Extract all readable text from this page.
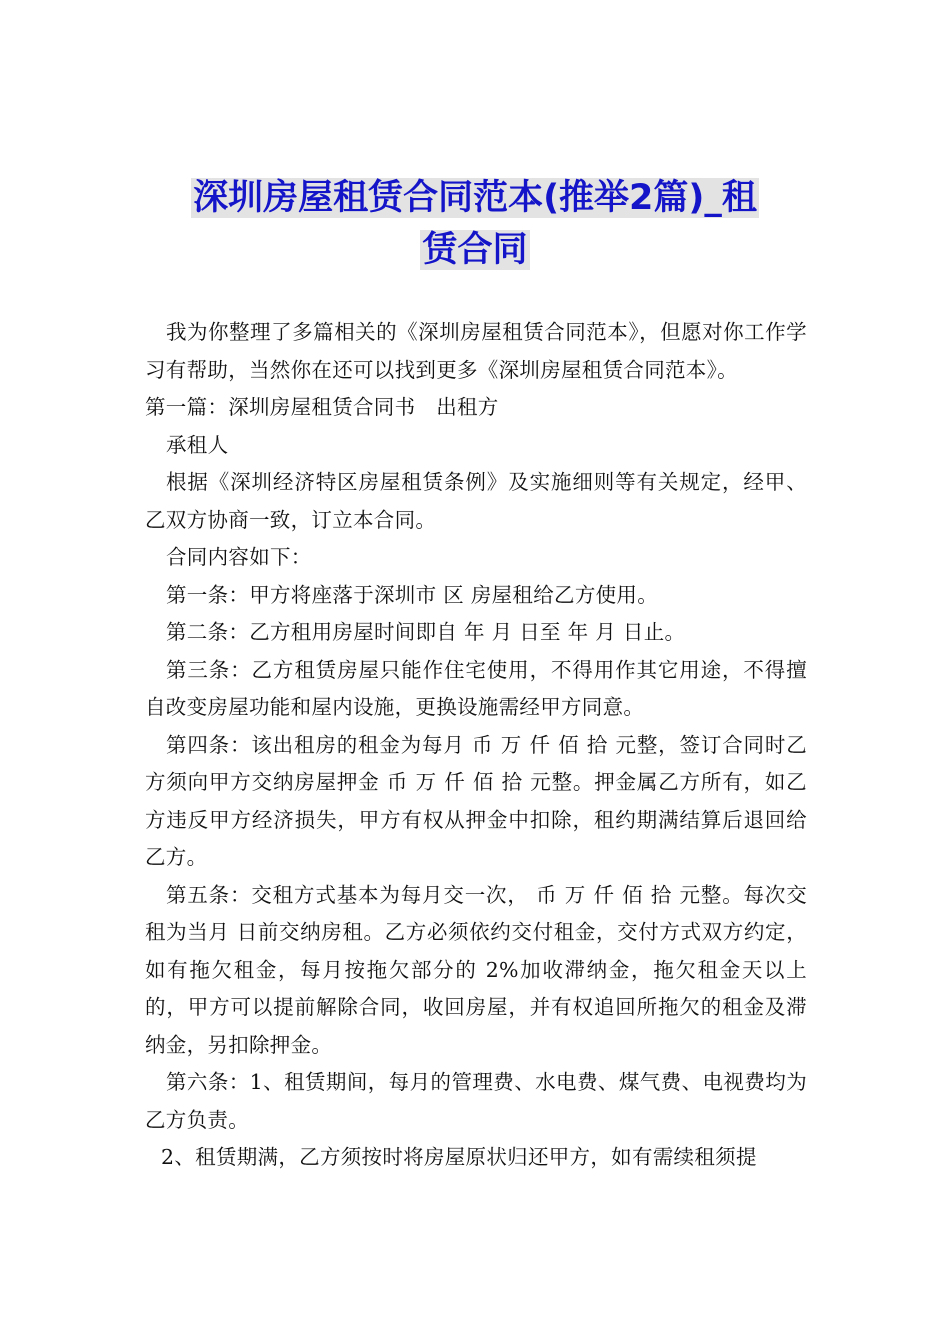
深圳房屋租赁合同范本(推举2篇)_租
赁合同

我为你整理了多篇相关的《深圳房屋租赁合同范本》，但愿对你工作学习有帮助，当然你在还可以找到更多《深圳房屋租赁合同范本》。

第一篇：深圳房屋租赁合同书　出租方

承租人

根据《深圳经济特区房屋租赁条例》及实施细则等有关规定，经甲、乙双方协商一致，订立本合同。

合同内容如下：

第一条：甲方将座落于深圳市 区 房屋租给乙方使用。

第二条：乙方租用房屋时间即自 年 月 日至 年 月 日止。

第三条：乙方租赁房屋只能作住宅使用，不得用作其它用途，不得擅自改变房屋功能和屋内设施，更换设施需经甲方同意。

第四条：该出租房的租金为每月 币 万 仟 佰 拾 元整，签订合同时乙方须向甲方交纳房屋押金 币 万 仟 佰 拾 元整。押金属乙方所有，如乙方违反甲方经济损失，甲方有权从押金中扣除，租约期满结算后退回给乙方。

第五条：交租方式基本为每月交一次， 币 万 仟 佰 拾 元整。每次交租为当月 日前交纳房租。乙方必须依约交付租金，交付方式双方约定，如有拖欠租金，每月按拖欠部分的 2%加收滞纳金，拖欠租金天以上的，甲方可以提前解除合同，收回房屋，并有权追回所拖欠的租金及滞纳金，另扣除押金。

第六条：1、租赁期间，每月的管理费、水电费、煤气费、电视费均为乙方负责。

2、租赁期满，乙方须按时将房屋原状归还甲方，如有需续租须提
